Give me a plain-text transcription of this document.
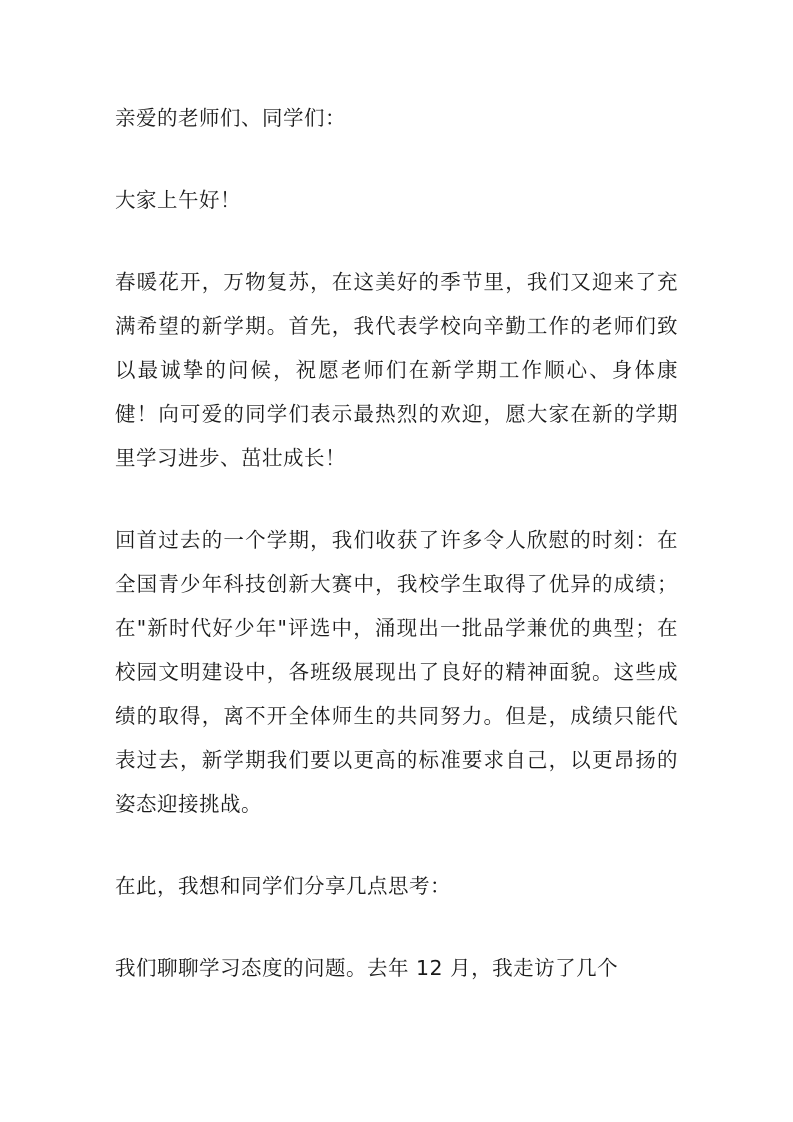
亲爱的老师们、同学们：

大家上午好！

春暖花开，万物复苏，在这美好的季节里，我们又迎来了充满希望的新学期。首先，我代表学校向辛勤工作的老师们致以最诚挚的问候，祝愿老师们在新学期工作顺心、身体康健！向可爱的同学们表示最热烈的欢迎，愿大家在新的学期里学习进步、茁壮成长！

回首过去的一个学期，我们收获了许多令人欣慰的时刻：在全国青少年科技创新大赛中，我校学生取得了优异的成绩；在"新时代好少年"评选中，涌现出一批品学兼优的典型；在校园文明建设中，各班级展现出了良好的精神面貌。这些成绩的取得，离不开全体师生的共同努力。但是，成绩只能代表过去，新学期我们要以更高的标准要求自己，以更昂扬的姿态迎接挑战。

在此，我想和同学们分享几点思考：

我们聊聊学习态度的问题。去年 12 月，我走访了几个
